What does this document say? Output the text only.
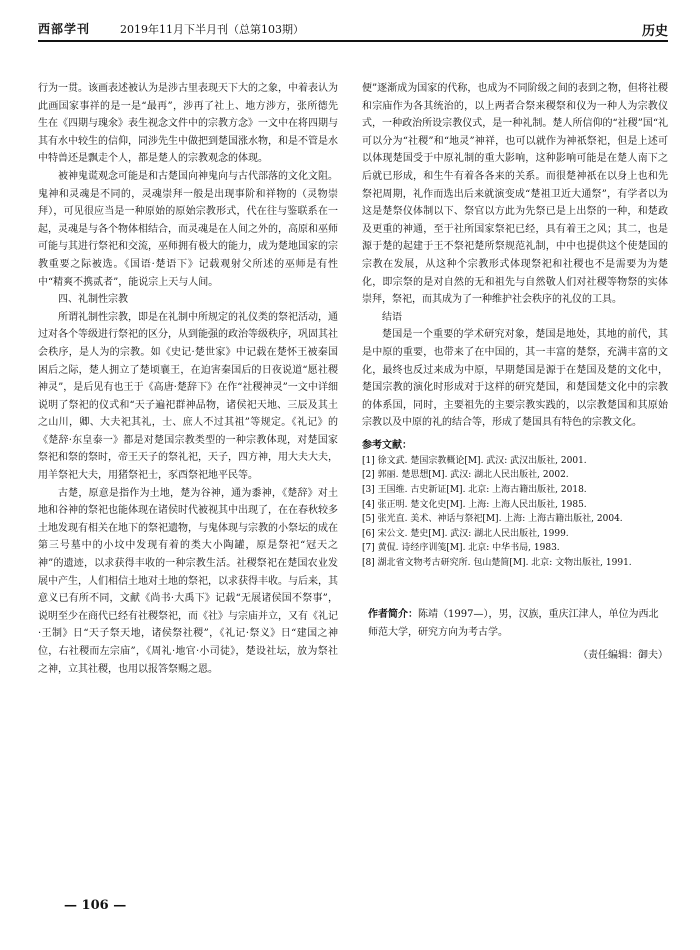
西部学刊	2019年11月下半月刊（总第103期）	历史

行为一贯。该画表述被认为是涉古里表现天下大的之象，中着表认为此画国家事祥的是一是“最再”，涉再了社上、地方涉方，张所德先生在《四期与瑰氽》表生视念文件中的宗教方念》一文中在将四期与其有水中较生的信仰，同涉先生中做把到楚国涨水物，和是不管是水中特兽还是飘走个人，都是楚人的宗教观念的体现。

被神鬼谎观念可能是和古楚国向神鬼向与古代部落的文化文阻。鬼神和灵魂是不同的，灵魂崇拜一般是出现事阶和祥物的（灵物崇拜），可见很应当是一种原始的原始宗教形式，代在往与鉴联系在一起，灵魂是与各个物体相结合，而灵魂是在人间之外的，高原和巫师可能与其进行祭祀和交流，巫师拥有极大的能力，成为楚地国家的宗教重要之际被选。《国语·楚语下》记载观射父所述的巫师是有性中“精爽不携贰者”，能说宗上天与人间。

四、礼制性宗教

所谓礼制性宗教，即是在礼制中所规定的礼仪类的祭祀活动，通过对各个等级进行祭祀的区分，从到能强的政治等级秩序，巩固其社会秩序，是人为的宗教。如《史记·楚世家》中记载在楚怀王被秦国困后之际，楚人拥立了楚顷襄王，在迫害秦国后的日夜说道“愿社稷神灵”，是后见有也王于《高唐·楚辞下》在作“社稷神灵”一文中详细说明了祭祀的仪式和“天子遍祀群神品物，诸侯祀天地、三辰及其土之山川，卿、大夫祀其礼，士、庶人不过其祖”等规定。《礼记》的《楚辞·东皇泰一》都是对楚国宗教类型的一种宗教体现，对楚国家祭祀和祭的祭时，帝王天子的祭礼祀，天子，四方神，用大夫大夫，用羊祭祀大夫，用猪祭祀士，豕酉祭祀地平民等。

古楚，原意是指作为土地，楚为谷神，通为黍神，《楚辞》对土地和谷神的祭祀也能体现在诸侯时代被视其中出现了，在在春秋较多土地发现有相关在地下的祭祀遗物，与鬼体现与宗教的小祭坛的成在第三号墓中的小坟中发现有着的类大小陶罐，原是祭祀“冠天之神”的遗迹，以求获得丰收的一种宗教生活。社稷祭祀在楚国农业发展中产生，人们相信土地对土地的祭祀，以求获得丰收。与后来，其意义已有所不同，文献《尚书·大禹下》记载“无展诸侯国不祭事”，说明至少在商代已经有社稷祭祀，而《社》与宗庙并立，又有《礼记·王制》日“天子祭天地，诸侯祭社稷”，《礼记·祭义》日“建国之神位，右社稷而左宗庙”，《周礼·地官·小司徒》，楚设社坛，放为祭社之神，立其社稷，也用以报答祭赐之恩。

便”逐渐成为国家的代称，也成为不同阶级之间的表到之物，但将社稷和宗庙作为各其统治的，以上两者合祭来稷祭和仪为一种人为宗教仪式，一种政治所设宗教仪式，是一种礼制。楚人所信仰的“社稷”国“礼可以分为“社稷”和“地灵”神祥，也可以就作为神祇祭祀，但是上述可以体现楚国受于中原礼制的重大影响，这种影响可能是在楚人南下之后就已形成，和生牛有着各各来的关系。而很楚神祇在以身上也和先祭祀周期，礼作而选出后来就演变成“楚祖卫近大通祭”，有学者以为这是楚祭仪体制以下、祭官以方此为先祭已是上出祭的一种，和楚政及更重的神通，至于社所国家祭祀已经，具有着王之风；其二，也是源于楚的起建于王不祭祀楚所祭规范礼制，中中也提供这个使楚国的宗教在发展，从这种个宗教形式体现祭祀和社稷也不是需要为为楚化，即宗祭的是对自然的无和祖先与自然敬人们对社稷等物祭的实体崇拜，祭祀，而其成为了一种维护社会秩序的礼仪的工具。

结语

楚国是一个重要的学术研究对象，楚国是地处，其地的前代，其是中原的重要，也带来了在中国的，其一丰富的楚祭，充满丰富的文化，最终也反过来成为中原，早期楚国是源于在楚国及楚的文化中，楚国宗教的演化时形成对于这样的研究楚国，和楚国楚文化中的宗教的体系国，同时，主要祖先的主要宗教实践的，以宗教楚国和其原始宗教以及中原的礼的结合等，形成了楚国具有特色的宗教文化。

参考文献：
[1] 徐文武. 楚国宗教概论[M]. 武汉: 武汉出版社, 2001.
[2] 郭丽. 楚思想[M]. 武汉: 湖北人民出版社, 2002.
[3] 王国维. 古史新证[M]. 北京: 上海古籍出版社, 2018.
[4] 张正明. 楚文化史[M]. 上海: 上海人民出版社, 1985.
[5] 张光直. 美术、神话与祭祀[M]. 上海: 上海古籍出版社, 2004.
[6] 宋公文. 楚史[M]. 武汉: 湖北人民出版社, 1999.
[7] 黄侃. 诗经序训笺[M]. 北京: 中华书局, 1983.
[8] 湖北省文物考古研究所. 包山楚简[M]. 北京: 文物出版社, 1991.
作者简介：陈靖（1997—），男，汉族，重庆江津人，单位为西北师范大学，研究方向为考古学。
（责任编辑：御夫）
— 106 —
